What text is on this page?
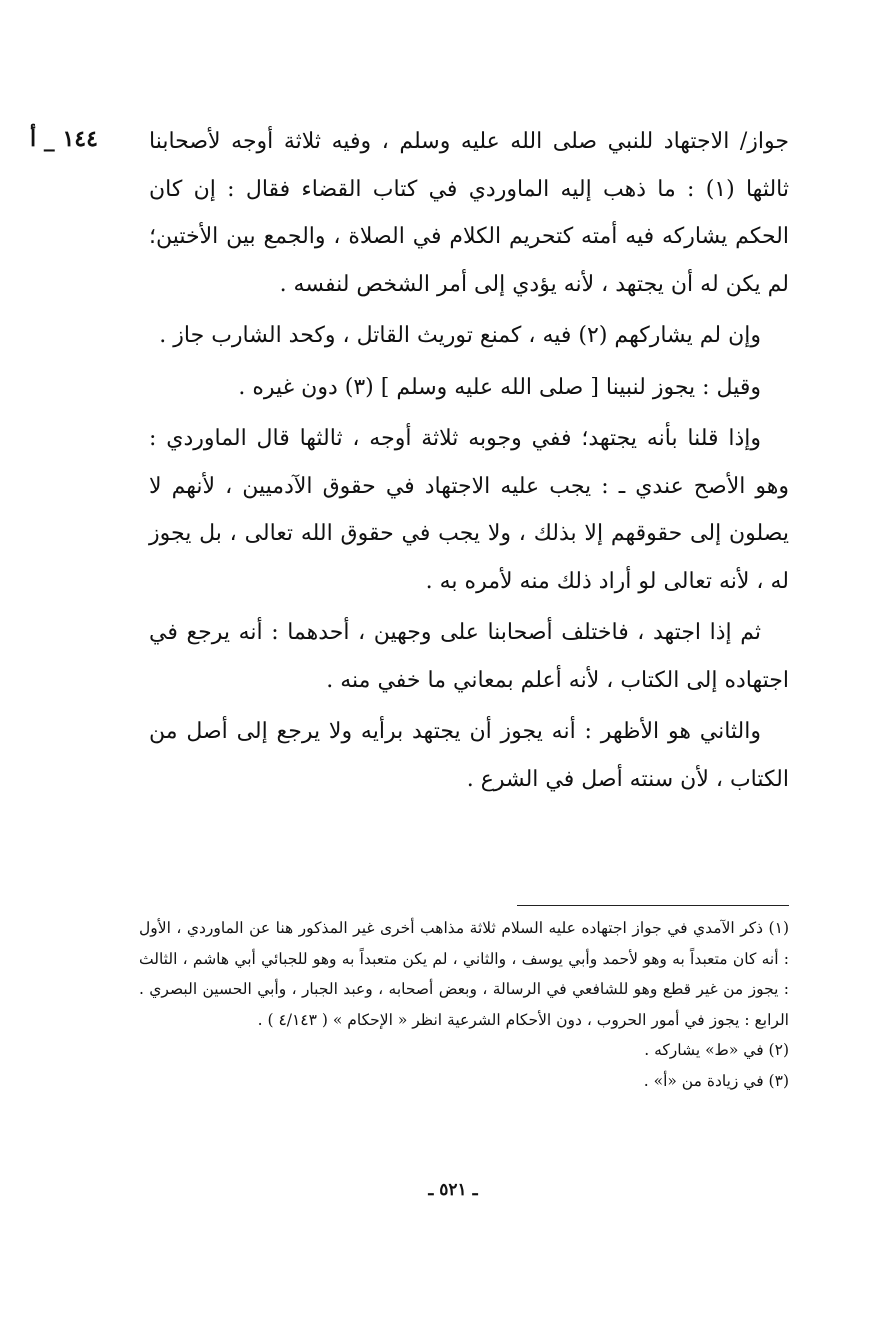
١٤٤ _ أ	جواز/ الاجتهاد للنبي صلى الله عليه وسلم ، وفيه ثلاثة أوجه لأصحابنا ثالثها (١) : ما ذهب إليه الماوردي في كتاب القضاء فقال : إن كان الحكم يشاركه فيه أمته كتحريم الكلام في الصلاة ، والجمع بين الأختين؛ لم يكن له أن يجتهد ، لأنه يؤدي إلى أمر الشخص لنفسه .

وإن لم يشاركهم (٢) فيه ، كمنع توريث القاتل ، وكحد الشارب جاز .

وقيل : يجوز لنبينا [ صلى الله عليه وسلم ] (٣) دون غيره .

وإذا قلنا بأنه يجتهد؛ ففي وجوبه ثلاثة أوجه ، ثالثها قال الماوردي : وهو الأصح عندي ـ : يجب عليه الاجتهاد في حقوق الآدميين ، لأنهم لا يصلون إلى حقوقهم إلا بذلك ، ولا يجب في حقوق الله تعالى ، بل يجوز له ، لأنه تعالى لو أراد ذلك منه لأمره به .

ثم إذا اجتهد ، فاختلف أصحابنا على وجهين ، أحدهما : أنه يرجع في اجتهاده إلى الكتاب ، لأنه أعلم بمعاني ما خفي منه .

والثاني هو الأظهر : أنه يجوز أن يجتهد برأيه ولا يرجع إلى أصل من الكتاب ، لأن سنته أصل في الشرع .

(١) ذكر الآمدي في جواز اجتهاده عليه السلام ثلاثة مذاهب أخرى غير المذكور هنا عن الماوردي ، الأول : أنه كان متعبداً به وهو لأحمد وأبي يوسف ، والثاني ، لم يكن متعبداً به وهو للجبائي أبي هاشم ، الثالث : يجوز من غير قطع وهو للشافعي في الرسالة ، وبعض أصحابه ، وعبد الجبار ، وأبي الحسين البصري . الرابع : يجوز في أمور الحروب ، دون الأحكام الشرعية انظر « الإحكام » ( ٤/١٤٣ ) .

(٢) في «ط» يشاركه .

(٣) في زيادة من «أ» .

ـ ٥٢١ ـ
